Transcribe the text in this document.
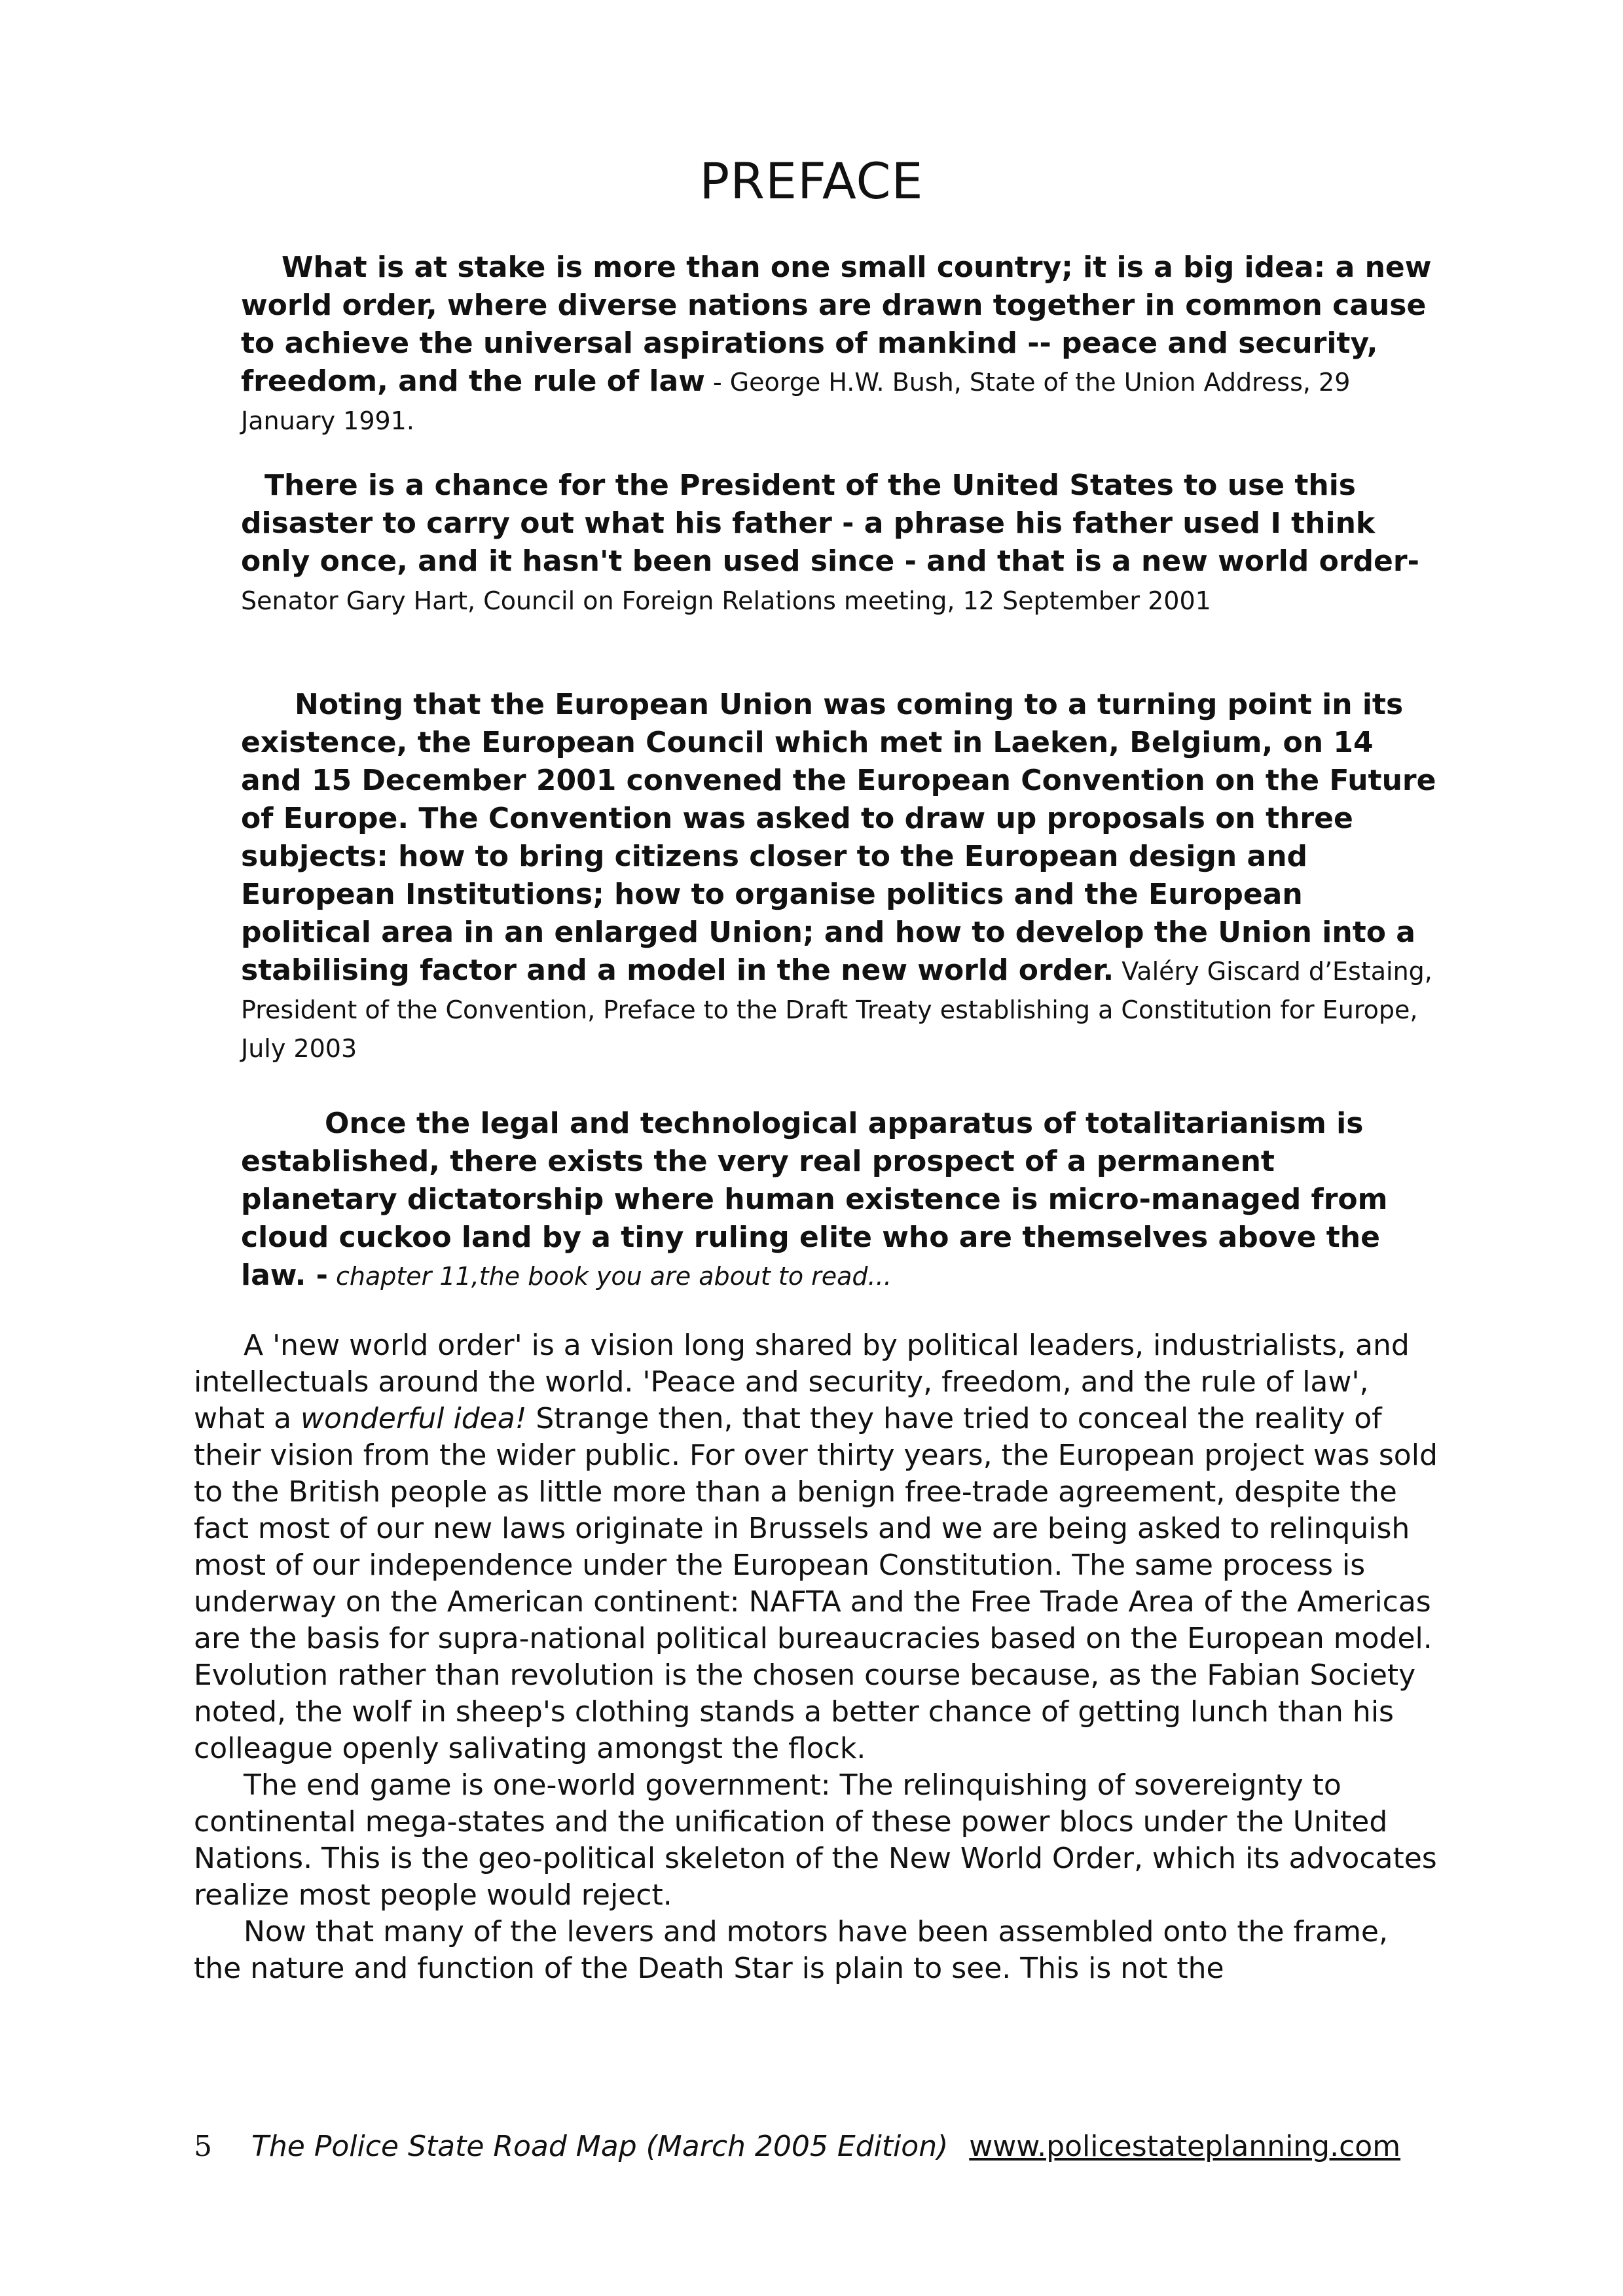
PREFACE

What is at stake is more than one small country; it is a big idea: a new world order, where diverse nations are drawn together in common cause to achieve the universal aspirations of mankind -- peace and security, freedom, and the rule of law - George H.W. Bush, State of the Union Address, 29 January 1991.

There is a chance for the President of the United States to use this disaster to carry out what his father - a phrase his father used I think only once, and it hasn't been used since - and that is a new world order- Senator Gary Hart, Council on Foreign Relations meeting, 12 September 2001

Noting that the European Union was coming to a turning point in its existence, the European Council which met in Laeken, Belgium, on 14 and 15 December 2001 convened the European Convention on the Future of Europe. The Convention was asked to draw up proposals on three subjects: how to bring citizens closer to the European design and European Institutions; how to organise politics and the European political area in an enlarged Union; and how to develop the Union into a stabilising factor and a model in the new world order. Valéry Giscard d’Estaing, President of the Convention, Preface to the Draft Treaty establishing a Constitution for Europe, July 2003

Once the legal and technological apparatus of totalitarianism is established, there exists the very real prospect of a permanent planetary dictatorship where human existence is micro-managed from cloud cuckoo land by a tiny ruling elite who are themselves above the law. - chapter 11,the book you are about to read...

A 'new world order' is a vision long shared by political leaders, industrialists, and intellectuals around the world. 'Peace and security, freedom, and the rule of law', what a wonderful idea! Strange then, that they have tried to conceal the reality of their vision from the wider public. For over thirty years, the European project was sold to the British people as little more than a benign free-trade agreement, despite the fact most of our new laws originate in Brussels and we are being asked to relinquish most of our independence under the European Constitution. The same process is underway on the American continent: NAFTA and the Free Trade Area of the Americas are the basis for supra-national political bureaucracies based on the European model. Evolution rather than revolution is the chosen course because, as the Fabian Society noted, the wolf in sheep's clothing stands a better chance of getting lunch than his colleague openly salivating amongst the flock.

The end game is one-world government: The relinquishing of sovereignty to continental mega-states and the unification of these power blocs under the United Nations. This is the geo-political skeleton of the New World Order, which its advocates realize most people would reject.

Now that many of the levers and motors have been assembled onto the frame, the nature and function of the Death Star is plain to see. This is not the

5 The Police State Road Map (March 2005 Edition) www.policestateplanning.com
